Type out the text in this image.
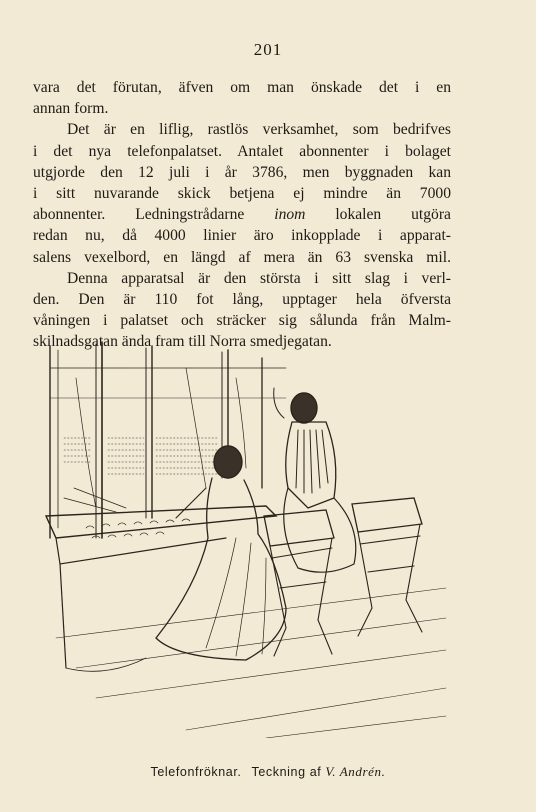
201

vara det förutan, äfven om man önskade det i en
annan form.

Det är en liflig, rastlös verksamhet, som bedrifves
i det nya telefonpalatset. Antalet abonnenter i bolaget
utgjorde den 12 juli i år 3786, men byggnaden kan
i sitt nuvarande skick betjena ej mindre än 7000
abonnenter. Ledningstrådarne inom lokalen utgöra
redan nu, då 4000 linier äro inkopplade i apparat-
salens vexelbord, en längd af mera än 63 svenska mil.
Denna apparatsal är den största i sitt slag i verl-
den. Den är 110 fot lång, upptager hela öfversta
våningen i palatset och sträcker sig sålunda från Malm-
skilnadsgatan ända fram till Norra smedjegatan.

Telefonfröknar. Teckning af V. Andrén.
